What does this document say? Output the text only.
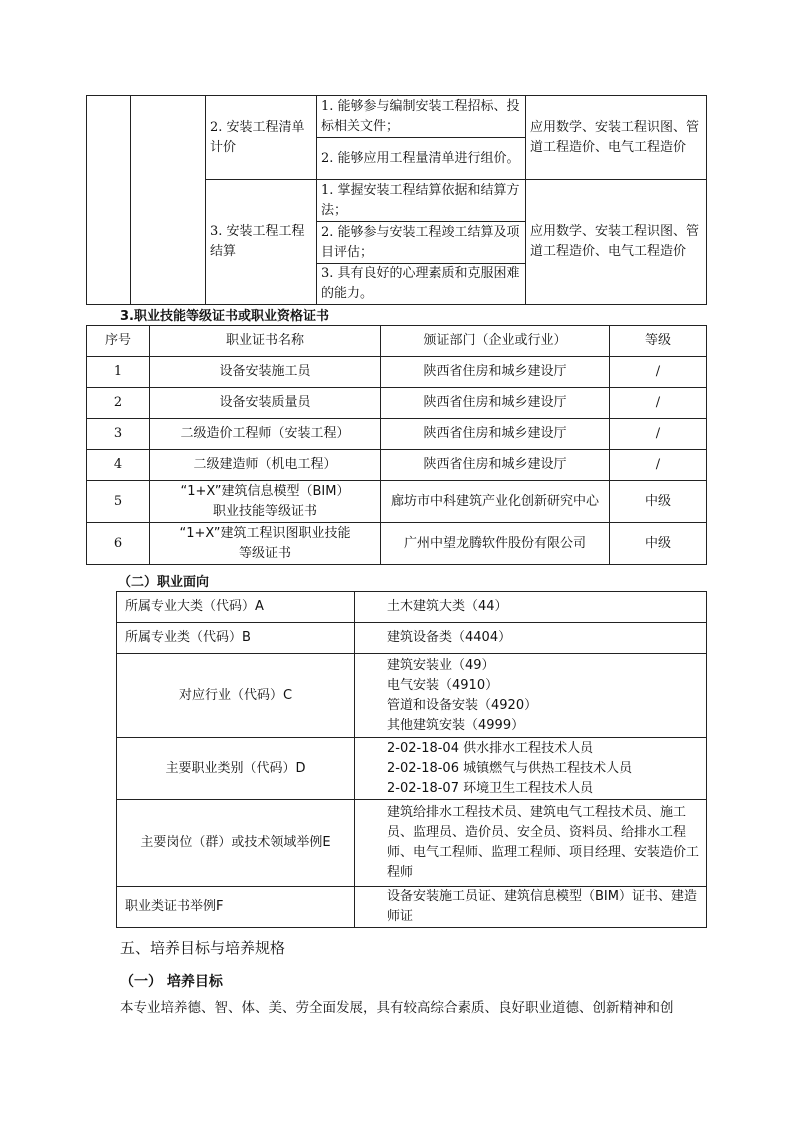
		2. 安装工程清单计价	1. 能够参与编制安装工程招标、投标相关文件；	应用数学、安装工程识图、管道工程造价、电气工程造价
			2. 能够应用工程量清单进行组价。	
		3. 安装工程工程结算	1. 掌握安装工程结算依据和结算方法；	应用数学、安装工程识图、管道工程造价、电气工程造价
			2. 能够参与安装工程竣工结算及项目评估；	
			3. 具有良好的心理素质和克服困难的能力。	
3.职业技能等级证书或职业资格证书
序号	职业证书名称	颁证部门（企业或行业）	等级
1	设备安装施工员	陕西省住房和城乡建设厅	/
2	设备安装质量员	陕西省住房和城乡建设厅	/
3	二级造价工程师（安装工程）	陕西省住房和城乡建设厅	/
4	二级建造师（机电工程）	陕西省住房和城乡建设厅	/
5	“1+X”建筑信息模型（BIM）
职业技能等级证书	廊坊市中科建筑产业化创新研究中心	中级
6	“1+X”建筑工程识图职业技能
等级证书	广州中望龙腾软件股份有限公司	中级
（二）职业面向
所属专业大类（代码）A	土木建筑大类（44）
所属专业类（代码）B	建筑设备类（4404）
对应行业（代码）C	建筑安装业（49）
电气安装（4910）
管道和设备安装（4920）
其他建筑安装（4999）
主要职业类别（代码）D	2-02-18-04 供水排水工程技术人员
2-02-18-06 城镇燃气与供热工程技术人员
2-02-18-07 环境卫生工程技术人员
主要岗位（群）或技术领域举例E	建筑给排水工程技术员、建筑电气工程技术员、施工员、监理员、造价员、安全员、资料员、给排水工程师、电气工程师、监理工程师、项目经理、安装造价工程师
职业类证书举例F	设备安装施工员证、建筑信息模型（BIM）证书、建造师证
五、培养目标与培养规格
（一） 培养目标
本专业培养德、智、体、美、劳全面发展，具有较高综合素质、良好职业道德、创新精神和创
